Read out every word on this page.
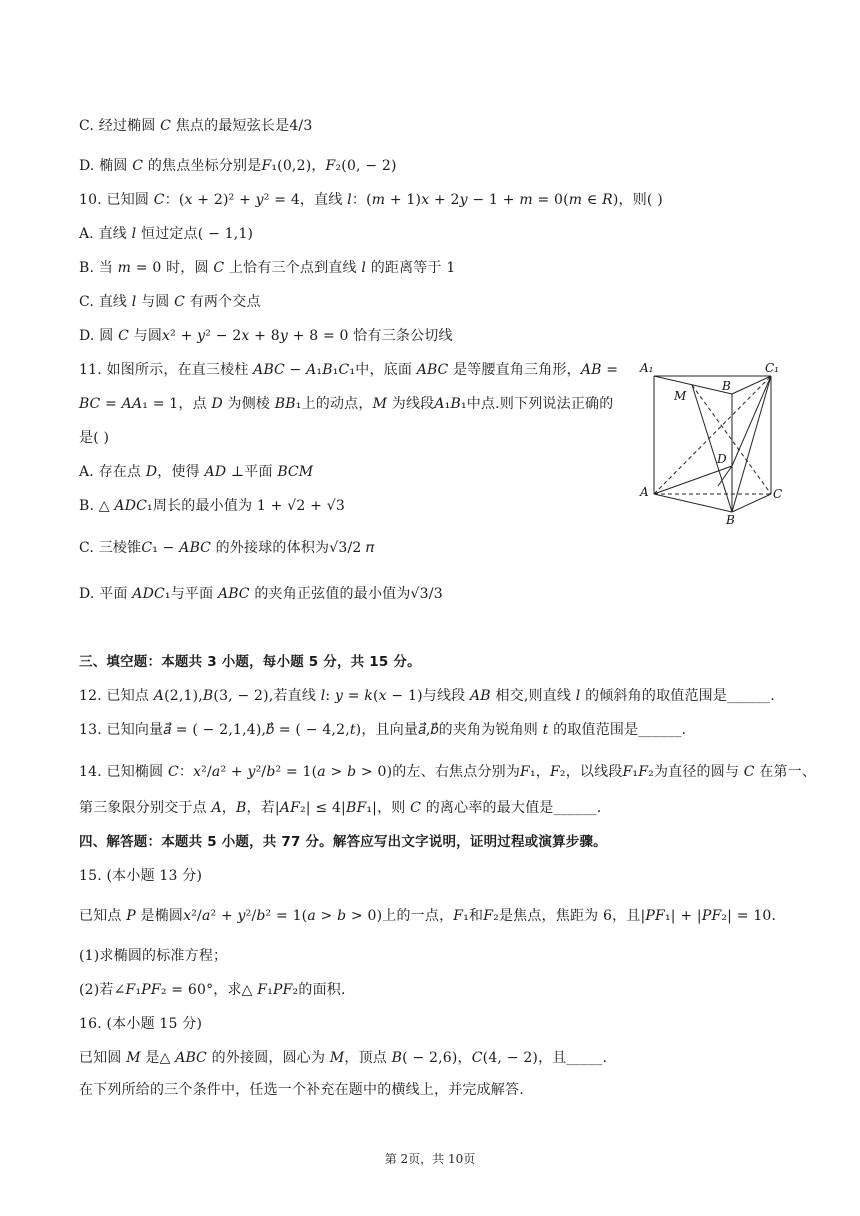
C. 经过椭圆 𝐶 焦点的最短弦长是4/3
D. 椭圆 𝐶 的焦点坐标分别是𝐹₁(0,2)，𝐹₂(0, − 2)
10. 已知圆 𝐶：(𝑥 + 2)² + 𝑦² = 4，直线 𝑙：(𝑚 + 1)𝑥 + 2𝑦 − 1 + 𝑚 = 0(𝑚 ∈ 𝑅)，则( )
A. 直线 𝑙 恒过定点( − 1,1)
B. 当 𝑚 = 0 时，圆 𝐶 上恰有三个点到直线 𝑙 的距离等于 1
C. 直线 𝑙 与圆 𝐶 有两个交点
D. 圆 𝐶 与圆𝑥² + 𝑦² − 2𝑥 + 8𝑦 + 8 = 0 恰有三条公切线
11. 如图所示，在直三棱柱 𝐴𝐵𝐶 − 𝐴₁𝐵₁𝐶₁中，底面 𝐴𝐵𝐶 是等腰直角三角形，𝐴𝐵 =
𝐵𝐶 = 𝐴𝐴₁ = 1，点 𝐷 为侧棱 𝐵𝐵₁上的动点，𝑀 为线段𝐴₁𝐵₁中点.则下列说法正确的
是( )
A. 存在点 𝐷，使得 𝐴𝐷 ⊥平面 𝐵𝐶𝑀
B. △ 𝐴𝐷𝐶₁周长的最小值为 1 + √2 + √3
C. 三棱锥𝐶₁ − 𝐴𝐵𝐶 的外接球的体积为√3/2 𝜋
D. 平面 𝐴𝐷𝐶₁与平面 𝐴𝐵𝐶 的夹角正弦值的最小值为√3/3
三、填空题：本题共 3 小题，每小题 5 分，共 15 分。
12. 已知点 𝐴(2,1),𝐵(3, − 2),若直线 𝑙: 𝑦 = 𝑘(𝑥 − 1)与线段 𝐴𝐵 相交,则直线 𝑙 的倾斜角的取值范围是______.
13. 已知向量𝑎⃗ = ( − 2,1,4),𝑏⃗ = ( − 4,2,𝑡)，且向量𝑎⃗,𝑏⃗的夹角为锐角则 𝑡 的取值范围是______.
14. 已知椭圆 𝐶：𝑥²/𝑎² + 𝑦²/𝑏² = 1(𝑎 > 𝑏 > 0)的左、右焦点分别为𝐹₁，𝐹₂，以线段𝐹₁𝐹₂为直径的圆与 𝐶 在第一、
第三象限分别交于点 𝐴，𝐵，若|𝐴𝐹₂| ≤ 4|𝐵𝐹₁|，则 𝐶 的离心率的最大值是______.
四、解答题：本题共 5 小题，共 77 分。解答应写出文字说明，证明过程或演算步骤。
15. (本小题 13 分)
已知点 𝑃 是椭圆𝑥²/𝑎² + 𝑦²/𝑏² = 1(𝑎 > 𝑏 > 0)上的一点，𝐹₁和𝐹₂是焦点，焦距为 6，且|𝑃𝐹₁| + |𝑃𝐹₂| = 10.
(1)求椭圆的标准方程；
(2)若∠𝐹₁𝑃𝐹₂ = 60°，求△ 𝐹₁𝑃𝐹₂的面积.
16. (本小题 15 分)
已知圆 𝑀 是△ 𝐴𝐵𝐶 的外接圆，圆心为 𝑀，顶点 𝐵( − 2,6)，𝐶(4, − 2)，且_____.
在下列所给的三个条件中，任选一个补充在题中的横线上，并完成解答.
A₁
M
B
C₁
D
A	C
B
第 2页，共 10页
